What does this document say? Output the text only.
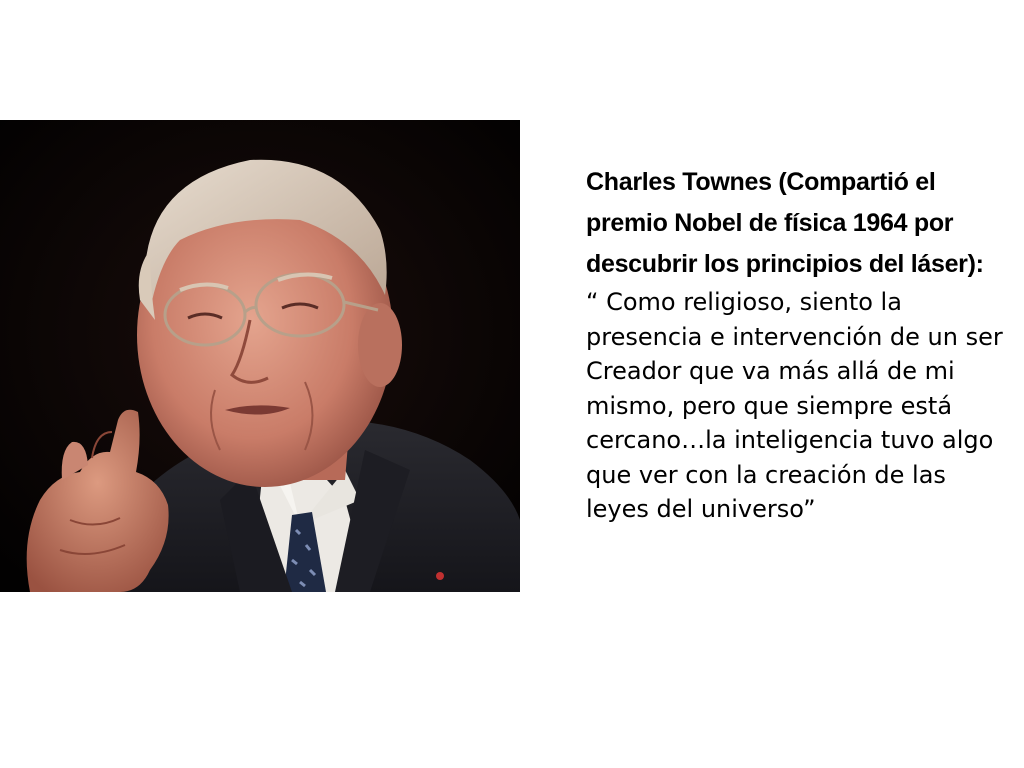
Charles Townes (Compartió el premio Nobel de física 1964 por descubrir los principios del láser):

“ Como religioso, siento la presencia e intervención de un ser Creador que va más allá de mi mismo, pero que siempre está cercano…la inteligencia tuvo algo que ver con la creación de las leyes del universo”
